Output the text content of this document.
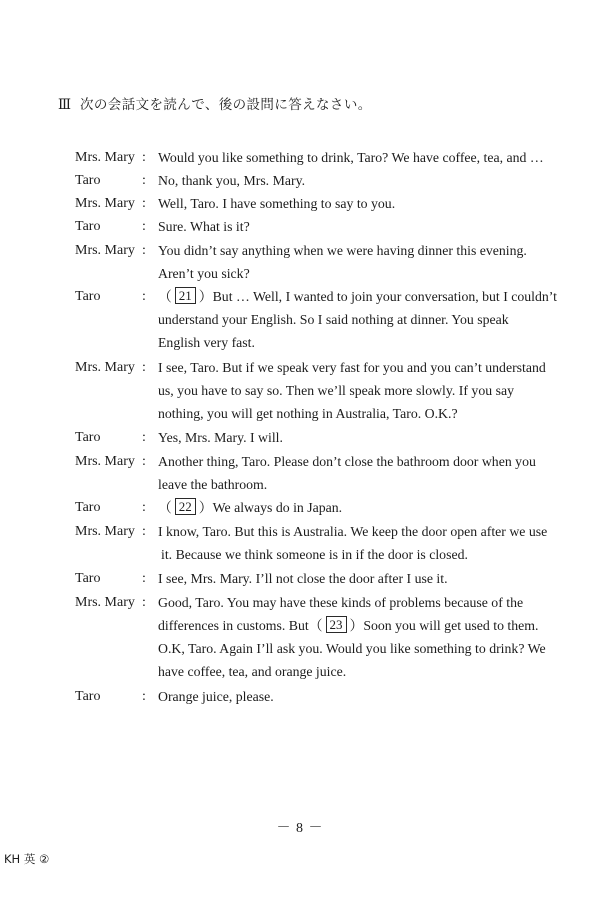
Ⅲ 次の会話文を読んで、後の設問に答えなさい。
Mrs. Mary : Would you like something to drink, Taro? We have coffee, tea, and …
Taro	: No, thank you, Mrs. Mary.
Mrs. Mary : Well, Taro. I have something to say to you.
Taro	: Sure. What is it?
Mrs. Mary : You didn’t say anything when we were having dinner this evening.
Aren’t you sick?
Taro	: （ 21 ）But … Well, I wanted to join your conversation, but I couldn’t
understand your English. So I said nothing at dinner. You speak
English very fast.
Mrs. Mary : I see, Taro. But if we speak very fast for you and you can’t understand
us, you have to say so. Then we’ll speak more slowly. If you say
nothing, you will get nothing in Australia, Taro. O.K.?
Taro	: Yes, Mrs. Mary. I will.
Mrs. Mary : Another thing, Taro. Please don’t close the bathroom door when you
leave the bathroom.
Taro	: （ 22 ）We always do in Japan.
Mrs. Mary : I know, Taro. But this is Australia. We keep the door open after we use
it. Because we think someone is in if the door is closed.
Taro	: I see, Mrs. Mary. I’ll not close the door after I use it.
Mrs. Mary : Good, Taro. You may have these kinds of problems because of the
differences in customs. But（ 23 ）Soon you will get used to them.
O.K, Taro. Again I’ll ask you. Would you like something to drink? We
have coffee, tea, and orange juice.
Taro	: Orange juice, please.
－ 8 －
KH 英 ②
